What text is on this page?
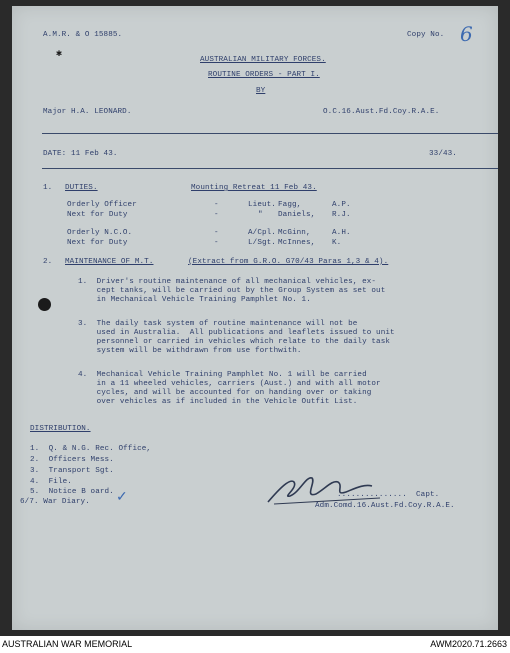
A.M.R. & O 15885.	Copy No. 6
✱	AUSTRALIAN MILITARY FORCES.
ROUTINE ORDERS - PART I.
BY
Major H.A. LEONARD.	O.C.16.Aust.Fd.Coy.R.A.E.
DATE: 11 Feb 43.	33/43.
1. DUTIES.	Mounting Retreat 11 Feb 43.
Orderly Officer	-	Lieut. Fagg,	A.P.
Next for Duty	-	" Daniels, R.J.
Orderly N.C.O.	-	A/Cpl. McGinn,	A.H.
Next for Duty	-	L/Sgt. McInnes, K.
2. MAINTENANCE OF M.T.	(Extract from G.R.O. G70/43 Paras 1,3 & 4).
1.  Driver's routine maintenance of all mechanical vehicles, ex-
cept tanks, will be carried out by the Group System as set out
in Mechanical Vehicle Training Pamphlet No. 1.
3.  The daily task system of routine maintenance will not be
used in Australia.  All publications and leaflets issued to unit
personnel or carried in vehicles which relate to the daily task
system will be withdrawn from use forthwith.
4.  Mechanical Vehicle Training Pamphlet No. 1 will be carried
in a 11 wheeled vehicles, carriers (Aust.) and with all motor
cycles, and will be accounted for on handing over or taking
over vehicles as if included in the Vehicle Outfit List.
DISTRIBUTION.
1.  Q. & N.G. Rec. Office,
2.  Officers Mess.
3.  Transport Sgt.
4.  File.
5.  Notice B oard.
6/7. War Diary. ✓	............... Capt.
Adm.Comd.16.Aust.Fd.Coy.R.A.E.
AUSTRALIAN WAR MEMORIAL	AWM2020.71.2663
